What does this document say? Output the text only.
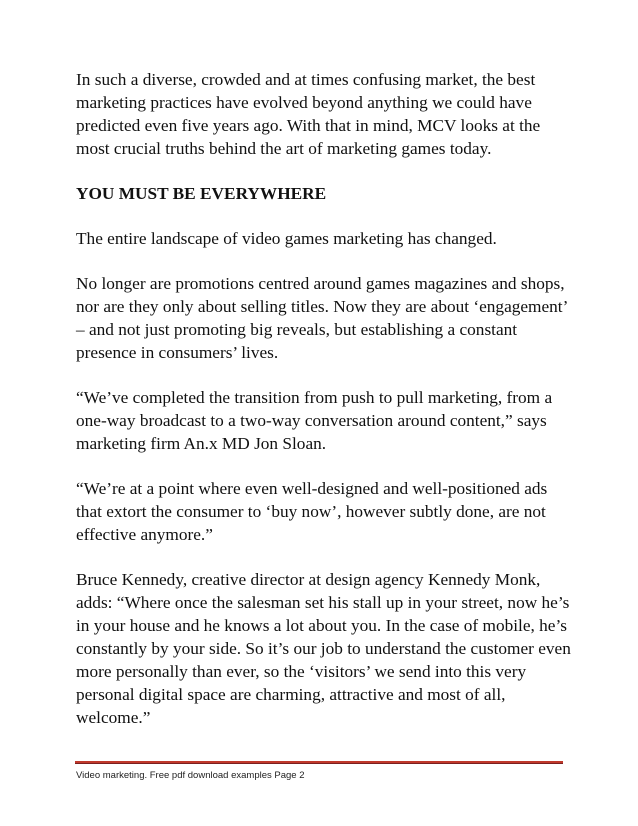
In such a diverse, crowded and at times confusing market, the best marketing practices have evolved beyond anything we could have predicted even five years ago. With that in mind, MCV looks at the most crucial truths behind the art of marketing games today.

YOU MUST BE EVERYWHERE

The entire landscape of video games marketing has changed.

No longer are promotions centred around games magazines and shops, nor are they only about selling titles. Now they are about ‘engagement’ – and not just promoting big reveals, but establishing a constant presence in consumers’ lives.

“We’ve completed the transition from push to pull marketing, from a one-way broadcast to a two-way conversation around content,” says marketing firm An.x MD Jon Sloan.

“We’re at a point where even well-designed and well-positioned ads that extort the consumer to ‘buy now’, however subtly done, are not effective anymore.”

Bruce Kennedy, creative director at design agency Kennedy Monk, adds: “Where once the salesman set his stall up in your street, now he’s in your house and he knows a lot about you. In the case of mobile, he’s constantly by your side. So it’s our job to understand the customer even more personally than ever, so the ‘visitors’ we send into this very personal digital space are charming, attractive and most of all, welcome.”

Video marketing. Free pdf download examples Page 2
